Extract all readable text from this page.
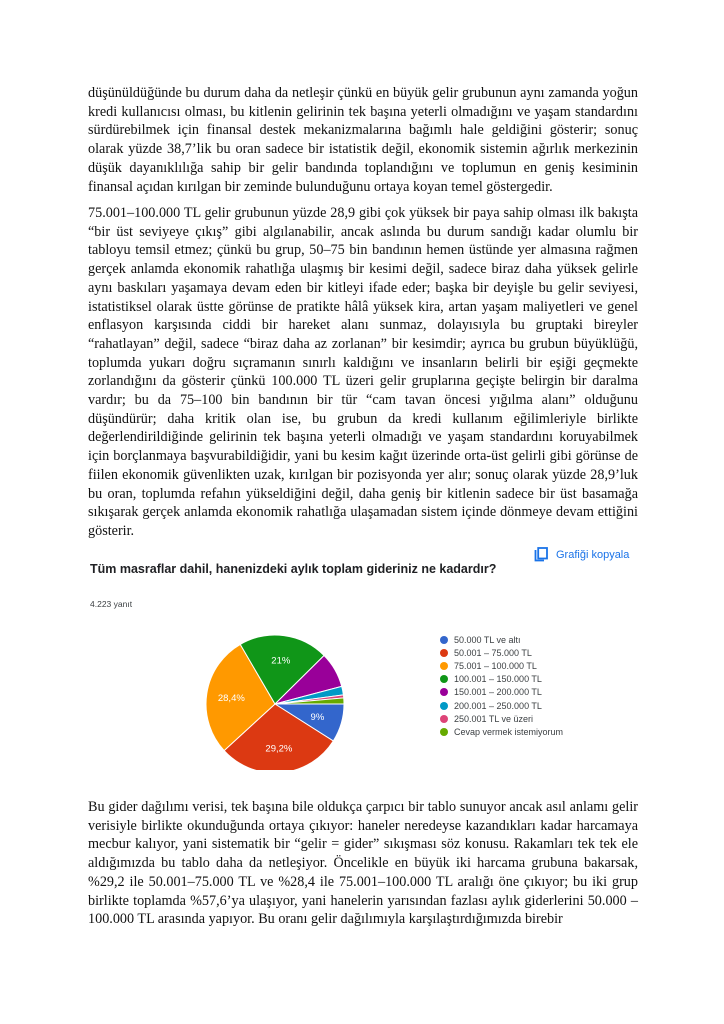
düşünüldüğünde bu durum daha da netleşir çünkü en büyük gelir grubunun aynı zamanda yoğun kredi kullanıcısı olması, bu kitlenin gelirinin tek başına yeterli olmadığını ve yaşam standardını sürdürebilmek için finansal destek mekanizmalarına bağımlı hale geldiğini gösterir; sonuç olarak yüzde 38,7’lik bu oran sadece bir istatistik değil, ekonomik sistemin ağırlık merkezinin düşük dayanıklılığa sahip bir gelir bandında toplandığını ve toplumun en geniş kesiminin finansal açıdan kırılgan bir zeminde bulunduğunu ortaya koyan temel göstergedir.

75.001–100.000 TL gelir grubunun yüzde 28,9 gibi çok yüksek bir paya sahip olması ilk bakışta “bir üst seviyeye çıkış” gibi algılanabilir, ancak aslında bu durum sandığı kadar olumlu bir tabloyu temsil etmez; çünkü bu grup, 50–75 bin bandının hemen üstünde yer almasına rağmen gerçek anlamda ekonomik rahatlığa ulaşmış bir kesimi değil, sadece biraz daha yüksek gelirle aynı baskıları yaşamaya devam eden bir kitleyi ifade eder; başka bir deyişle bu gelir seviyesi, istatistiksel olarak üstte görünse de pratikte hâlâ yüksek kira, artan yaşam maliyetleri ve genel enflasyon karşısında ciddi bir hareket alanı sunmaz, dolayısıyla bu gruptaki bireyler “rahatlayan” değil, sadece “biraz daha az zorlanan” bir kesimdir; ayrıca bu grubun büyüklüğü, toplumda yukarı doğru sıçramanın sınırlı kaldığını ve insanların belirli bir eşiği geçmekte zorlandığını da gösterir çünkü 100.000 TL üzeri gelir gruplarına geçişte belirgin bir daralma vardır; bu da 75–100 bin bandının bir tür “cam tavan öncesi yığılma alanı” olduğunu düşündürür; daha kritik olan ise, bu grubun da kredi kullanım eğilimleriyle birlikte değerlendirildiğinde gelirinin tek başına yeterli olmadığı ve yaşam standardını koruyabilmek için borçlanmaya başvurabildiğidir, yani bu kesim kağıt üzerinde orta-üst gelirli gibi görünse de fiilen ekonomik güvenlikten uzak, kırılgan bir pozisyonda yer alır; sonuç olarak yüzde 28,9’luk bu oran, toplumda refahın yükseldiğini değil, daha geniş bir kitlenin sadece bir üst basamağa sıkışarak gerçek anlamda ekonomik rahatlığa ulaşamadan sistem içinde dönmeye devam ettiğini gösterir.

Grafiği kopyala
Tüm masraflar dahil, hanenizdeki aylık toplam gideriniz ne kadardır?
4.223 yanıt
9%
29,2%
28,4%
21%
50.000 TL ve altı
50.001 – 75.000 TL
75.001 – 100.000 TL
100.001 – 150.000 TL
150.001 – 200.000 TL
200.001 – 250.000 TL
250.001 TL ve üzeri
Cevap vermek istemiyorum

Bu gider dağılımı verisi, tek başına bile oldukça çarpıcı bir tablo sunuyor ancak asıl anlamı gelir verisiyle birlikte okunduğunda ortaya çıkıyor: haneler neredeyse kazandıkları kadar harcamaya mecbur kalıyor, yani sistematik bir “gelir = gider” sıkışması söz konusu. Rakamları tek tek ele aldığımızda bu tablo daha da netleşiyor. Öncelikle en büyük iki harcama grubuna bakarsak, %29,2 ile 50.001–75.000 TL ve %28,4 ile 75.001–100.000 TL aralığı öne çıkıyor; bu iki grup birlikte toplamda %57,6’ya ulaşıyor, yani hanelerin yarısından fazlası aylık giderlerini 50.000 – 100.000 TL arasında yapıyor. Bu oranı gelir dağılımıyla karşılaştırdığımızda birebir
